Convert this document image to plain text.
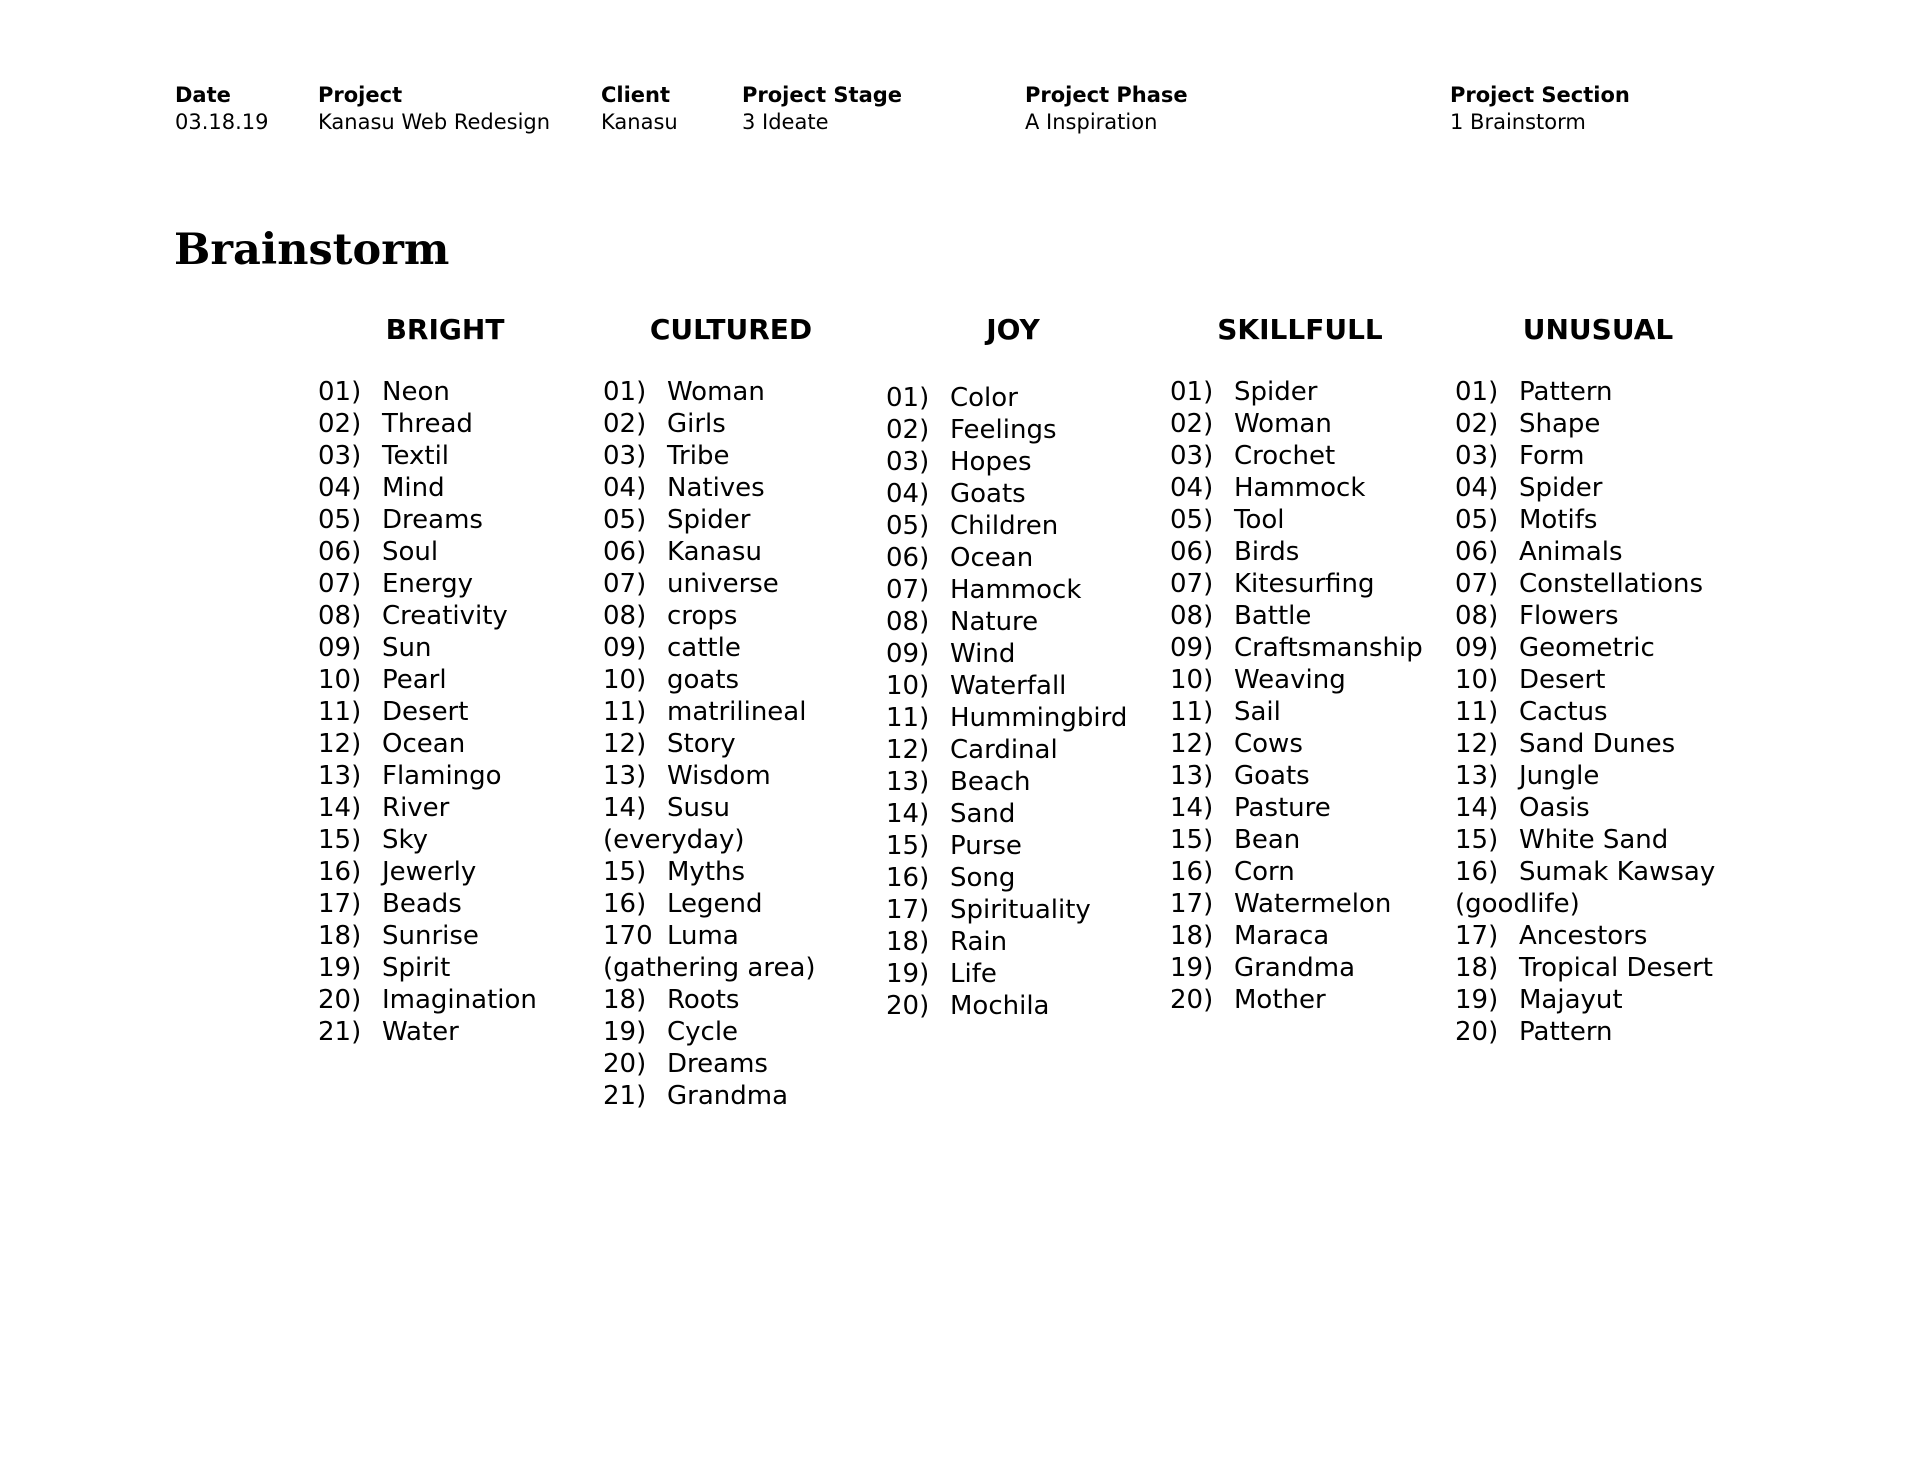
Date
03.18.19
Project
Kanasu Web Redesign
Client
Kanasu
Project Stage
3 Ideate
Project Phase
A Inspiration
Project Section
1 Brainstorm
Brainstorm
BRIGHT
01) Neon
02) Thread
03) Textil
04) Mind
05) Dreams
06) Soul
07) Energy
08) Creativity
09) Sun
10) Pearl
11) Desert
12) Ocean
13) Flamingo
14) River
15) Sky
16) Jewerly
17) Beads
18) Sunrise
19) Spirit
20) Imagination
21) Water
CULTURED
01) Woman
02) Girls
03) Tribe
04) Natives
05) Spider
06) Kanasu
07) universe
08) crops
09) cattle
10) goats
11) matrilineal
12) Story
13) Wisdom
14) Susu
(everyday)
15) Myths
16) Legend
170 Luma
(gathering area)
18) Roots
19) Cycle
20) Dreams
21) Grandma
JOY
01) Color
02) Feelings
03) Hopes
04) Goats
05) Children
06) Ocean
07) Hammock
08) Nature
09) Wind
10) Waterfall
11) Hummingbird
12) Cardinal
13) Beach
14) Sand
15) Purse
16) Song
17) Spirituality
18) Rain
19) Life
20) Mochila
SKILLFULL
01) Spider
02) Woman
03) Crochet
04) Hammock
05) Tool
06) Birds
07) Kitesurfing
08) Battle
09) Craftsmanship
10) Weaving
11) Sail
12) Cows
13) Goats
14) Pasture
15) Bean
16) Corn
17) Watermelon
18) Maraca
19) Grandma
20) Mother
UNUSUAL
01) Pattern
02) Shape
03) Form
04) Spider
05) Motifs
06) Animals
07) Constellations
08) Flowers
09) Geometric
10) Desert
11) Cactus
12) Sand Dunes
13) Jungle
14) Oasis
15) White Sand
16) Sumak Kawsay
(goodlife)
17) Ancestors
18) Tropical Desert
19) Majayut
20) Pattern
